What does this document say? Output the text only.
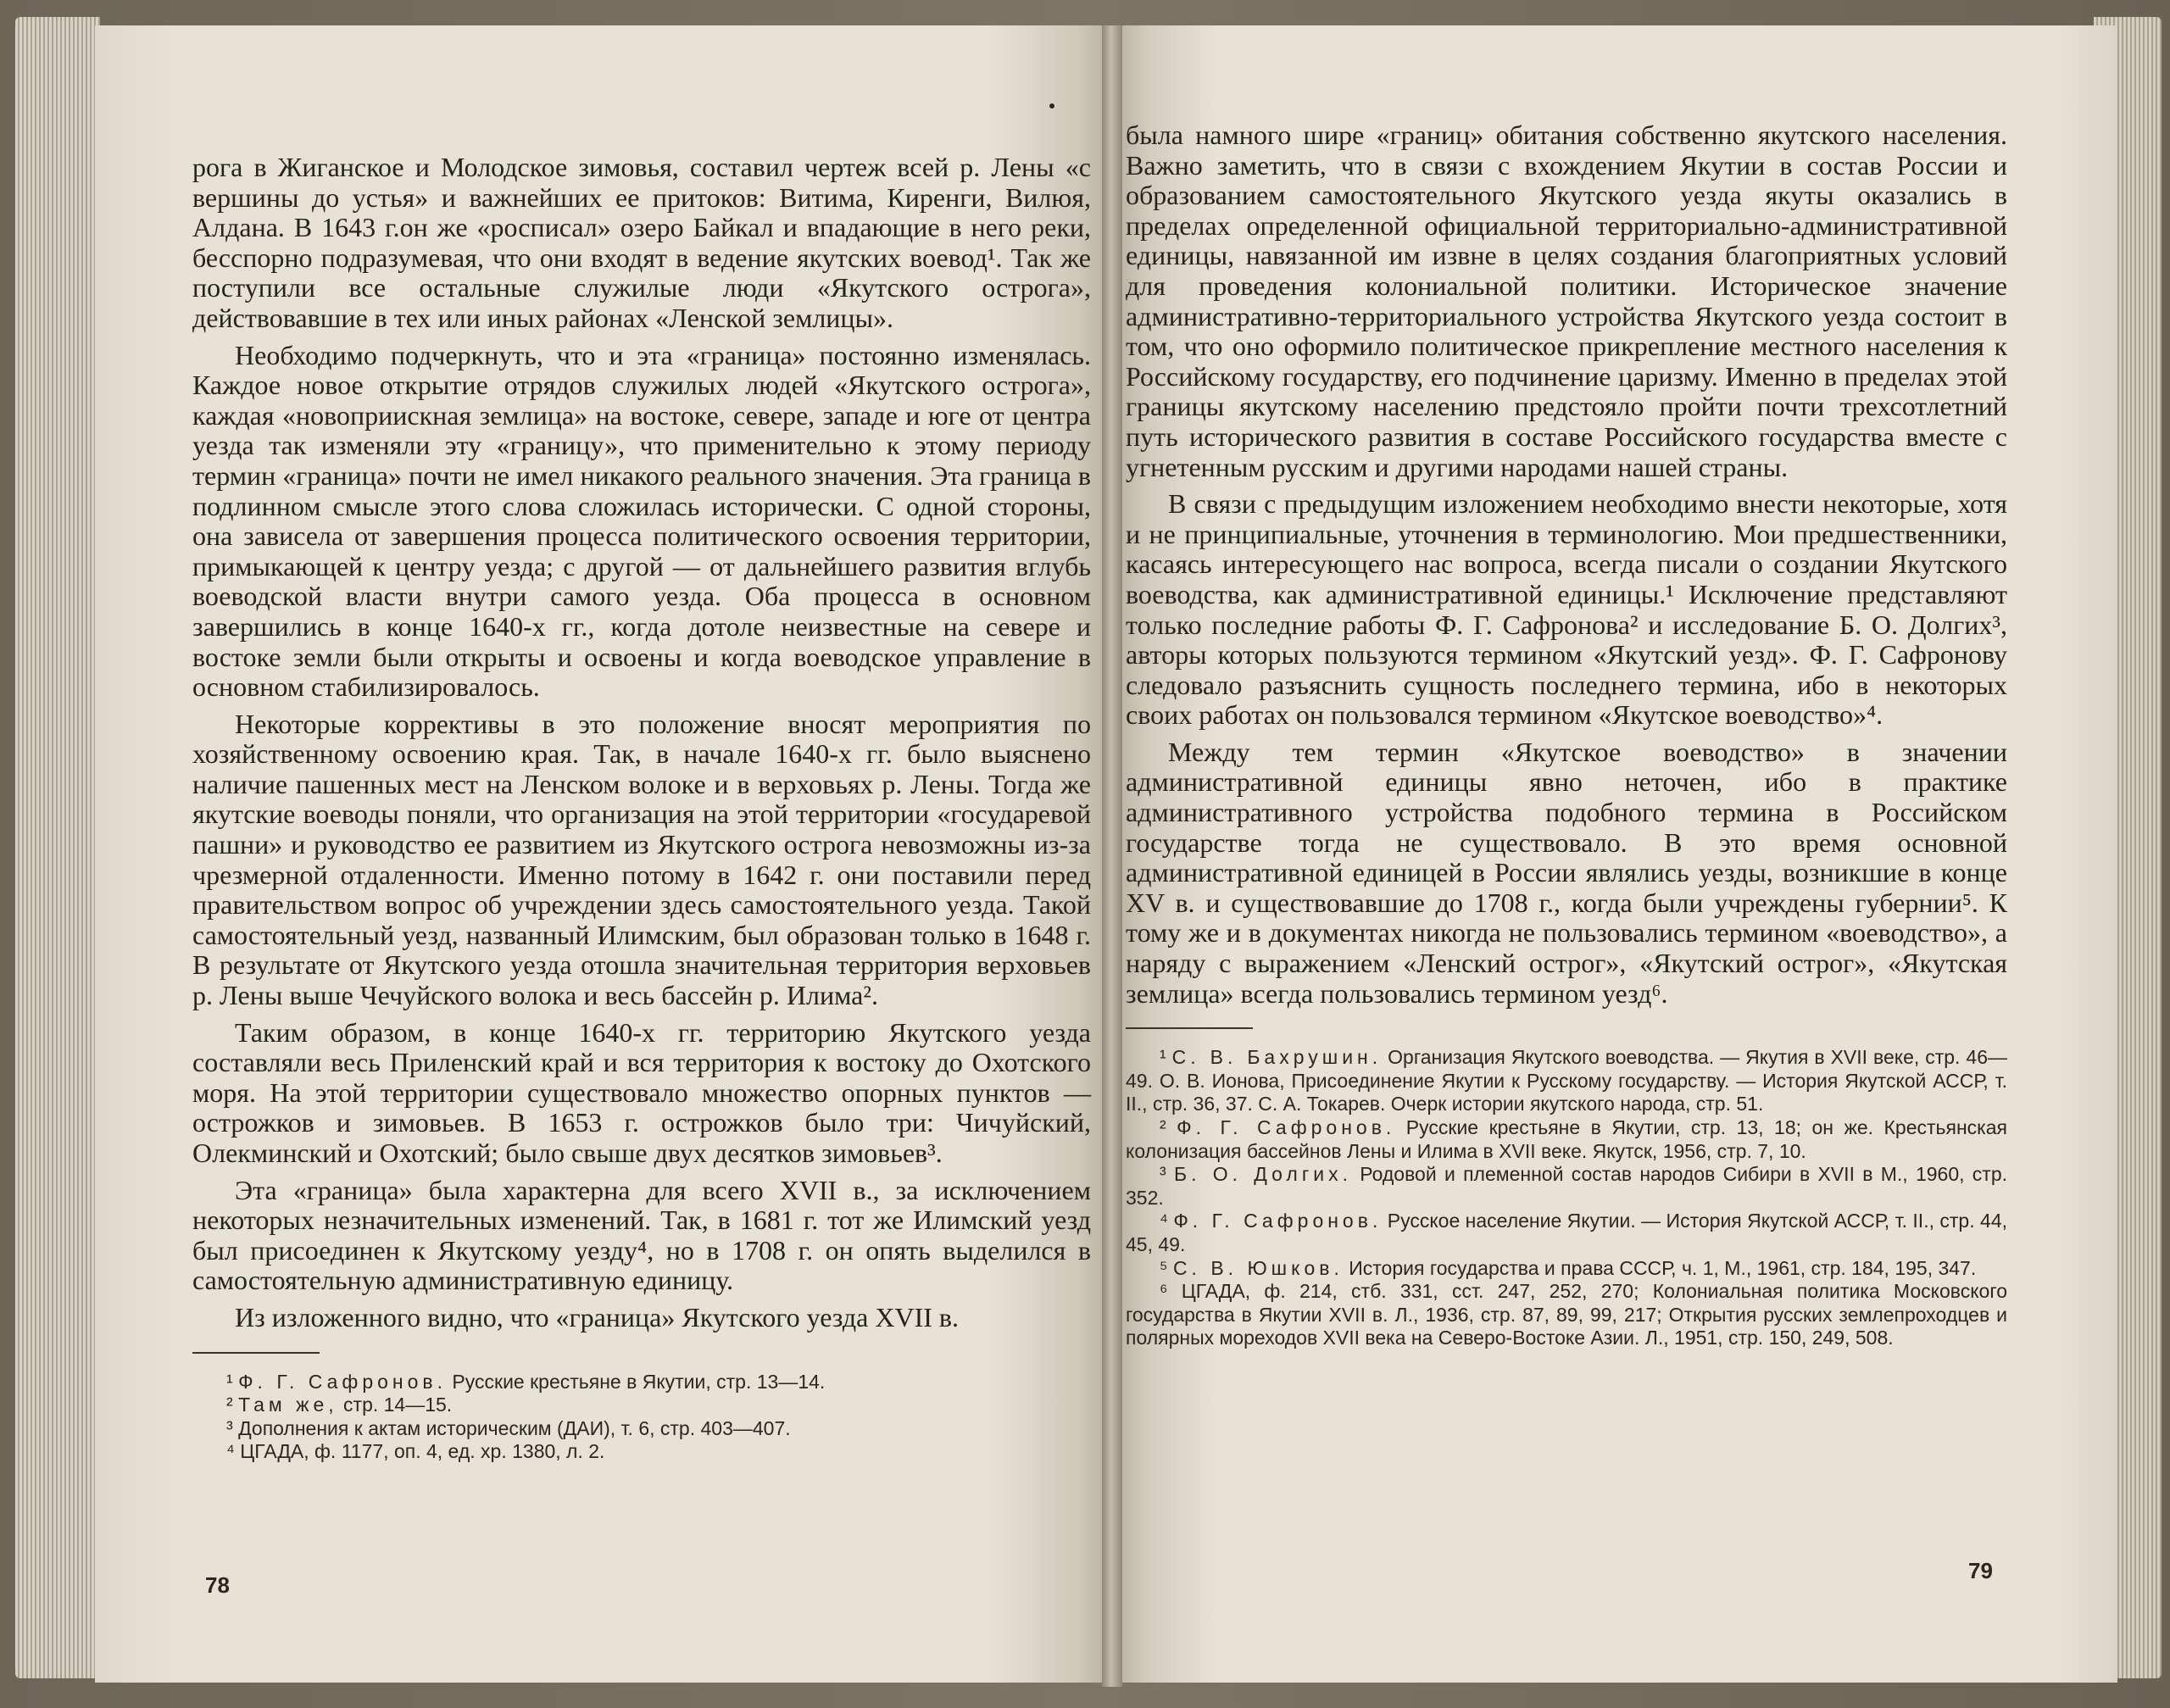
рога в Жиганское и Молодское зимовья, составил чертеж всей р. Лены «с вершины до устья» и важнейших ее притоков: Витима, Киренги, Вилюя, Алдана. В 1643 г.он же «росписал» озеро Байкал и впадающие в него реки, бесспорно подразумевая, что они входят в ведение якутских воевод¹. Так же поступили все остальные служилые люди «Якутского острога», действовавшие в тех или иных районах «Ленской землицы».

Необходимо подчеркнуть, что и эта «граница» постоянно изменялась. Каждое новое открытие отрядов служилых людей «Якутского острога», каждая «новоприискная землица» на востоке, севере, западе и юге от центра уезда так изменяли эту «границу», что применительно к этому периоду термин «граница» почти не имел никакого реального значения. Эта граница в подлинном смысле этого слова сложилась исторически. С одной стороны, она зависела от завершения процесса политического освоения территории, примыкающей к центру уезда; с другой — от дальнейшего развития вглубь воеводской власти внутри самого уезда. Оба процесса в основном завершились в конце 1640-х гг., когда дотоле неизвестные на севере и востоке земли были открыты и освоены и когда воеводское управление в основном стабилизировалось.

Некоторые коррективы в это положение вносят мероприятия по хозяйственному освоению края. Так, в начале 1640-х гг. было выяснено наличие пашенных мест на Ленском волоке и в верховьях р. Лены. Тогда же якутские воеводы поняли, что организация на этой территории «государевой пашни» и руководство ее развитием из Якутского острога невозможны из-за чрезмерной отдаленности. Именно потому в 1642 г. они поставили перед правительством вопрос об учреждении здесь самостоятельного уезда. Такой самостоятельный уезд, названный Илимским, был образован только в 1648 г. В результате от Якутского уезда отошла значительная территория верховьев р. Лены выше Чечуйского волока и весь бассейн р. Илима².

Таким образом, в конце 1640-х гг. территорию Якутского уезда составляли весь Приленский край и вся территория к востоку до Охотского моря. На этой территории существовало множество опорных пунктов — острожков и зимовьев. В 1653 г. острожков было три: Чичуйский, Олекминский и Охотский; было свыше двух десятков зимовьев³.

Эта «граница» была характерна для всего XVII в., за исключением некоторых незначительных изменений. Так, в 1681 г. тот же Илимский уезд был присоединен к Якутскому уезду⁴, но в 1708 г. он опять выделился в самостоятельную административную единицу.

Из изложенного видно, что «граница» Якутского уезда XVII в.

¹ Ф. Г. Сафронов. Русские крестьяне в Якутии, стр. 13—14.

² Там же, стр. 14—15.

³ Дополнения к актам историческим (ДАИ), т. 6, стр. 403—407.

⁴ ЦГАДА, ф. 1177, оп. 4, ед. хр. 1380, л. 2.

была намного шире «границ» обитания собственно якутского населения. Важно заметить, что в связи с вхождением Якутии в состав России и образованием самостоятельного Якутского уезда якуты оказались в пределах определенной официальной территориально-административной единицы, навязанной им извне в целях создания благоприятных условий для проведения колониальной политики. Историческое значение административно-территориального устройства Якутского уезда состоит в том, что оно оформило политическое прикрепление местного населения к Российскому государству, его подчинение царизму. Именно в пределах этой границы якутскому населению предстояло пройти почти трехсотлетний путь исторического развития в составе Российского государства вместе с угнетенным русским и другими народами нашей страны.

В связи с предыдущим изложением необходимо внести некоторые, хотя и не принципиальные, уточнения в терминологию. Мои предшественники, касаясь интересующего нас вопроса, всегда писали о создании Якутского воеводства, как административной единицы.¹ Исключение представляют только последние работы Ф. Г. Сафронова² и исследование Б. О. Долгих³, авторы которых пользуются термином «Якутский уезд». Ф. Г. Сафронову следовало разъяснить сущность последнего термина, ибо в некоторых своих работах он пользовался термином «Якутское воеводство»⁴.

Между тем термин «Якутское воеводство» в значении административной единицы явно неточен, ибо в практике административного устройства подобного термина в Российском государстве тогда не существовало. В это время основной административной единицей в России являлись уезды, возникшие в конце XV в. и существовавшие до 1708 г., когда были учреждены губернии⁵. К тому же и в документах никогда не пользовались термином «воеводство», а наряду с выражением «Ленский острог», «Якутский острог», «Якутская землица» всегда пользовались термином уезд⁶.

¹ С. В. Бахрушин. Организация Якутского воеводства. — Якутия в XVII веке, стр. 46—49. О. В. Ионова, Присоединение Якутии к Русскому государству. — История Якутской АССР, т. II., стр. 36, 37. С. А. Токарев. Очерк истории якутского народа, стр. 51.

² Ф. Г. Сафронов. Русские крестьяне в Якутии, стр. 13, 18; он же. Крестьянская колонизация бассейнов Лены и Илима в XVII веке. Якутск, 1956, стр. 7, 10.

³ Б. О. Долгих. Родовой и племенной состав народов Сибири в XVII в М., 1960, стр. 352.

⁴ Ф. Г. Сафронов. Русское население Якутии. — История Якутской АССР, т. II., стр. 44, 45, 49.

⁵ С. В. Юшков. История государства и права СССР, ч. 1, М., 1961, стр. 184, 195, 347.

⁶ ЦГАДА, ф. 214, стб. 331, сст. 247, 252, 270; Колониальная политика Московского государства в Якутии XVII в. Л., 1936, стр. 87, 89, 99, 217; Открытия русских землепроходцев и полярных мореходов XVII века на Северо-Востоке Азии. Л., 1951, стр. 150, 249, 508.

78
79
